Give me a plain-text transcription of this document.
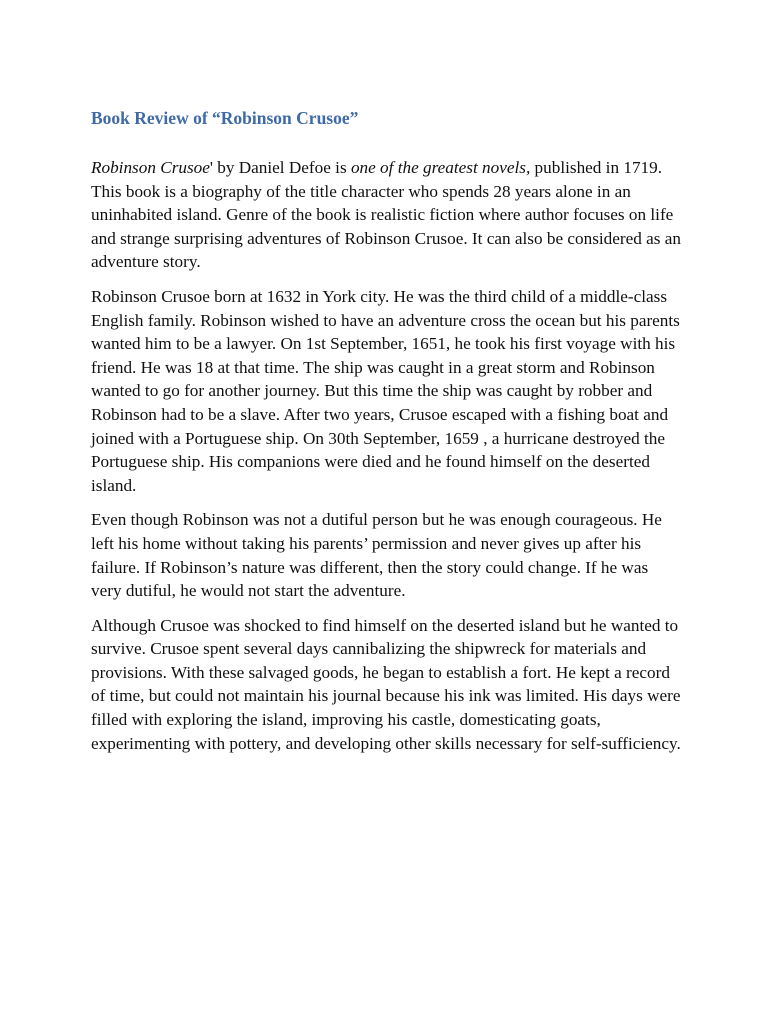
Book Review of “Robinson Crusoe”

Robinson Crusoe' by Daniel Defoe is one of the greatest novels, published in 1719. This book is a biography of the title character who spends 28 years alone in an uninhabited island. Genre of the book is realistic fiction where author focuses on life and strange surprising adventures of Robinson Crusoe. It can also be considered as an adventure story.

Robinson Crusoe born at 1632 in York city. He was the third child of a middle-class English family. Robinson wished to have an adventure cross the ocean but his parents wanted him to be a lawyer. On 1st September, 1651, he took his first voyage with his friend. He was 18 at that time. The ship was caught in a great storm and Robinson wanted to go for another journey. But this time the ship was caught by robber and Robinson had to be a slave. After two years, Crusoe escaped with a fishing boat and joined with a Portuguese ship. On 30th September, 1659 , a hurricane destroyed the Portuguese ship. His companions were died and he found himself on the deserted island.

Even though Robinson was not a dutiful person but he was enough courageous. He left his home without taking his parents’ permission and never gives up after his failure. If Robinson’s nature was different, then the story could change. If he was very dutiful, he would not start the adventure.

Although Crusoe was shocked to find himself on the deserted island but he wanted to survive. Crusoe spent several days cannibalizing the shipwreck for materials and provisions. With these salvaged goods, he began to establish a fort. He kept a record of time, but could not maintain his journal because his ink was limited. His days were filled with exploring the island, improving his castle, domesticating goats, experimenting with pottery, and developing other skills necessary for self-sufficiency.
